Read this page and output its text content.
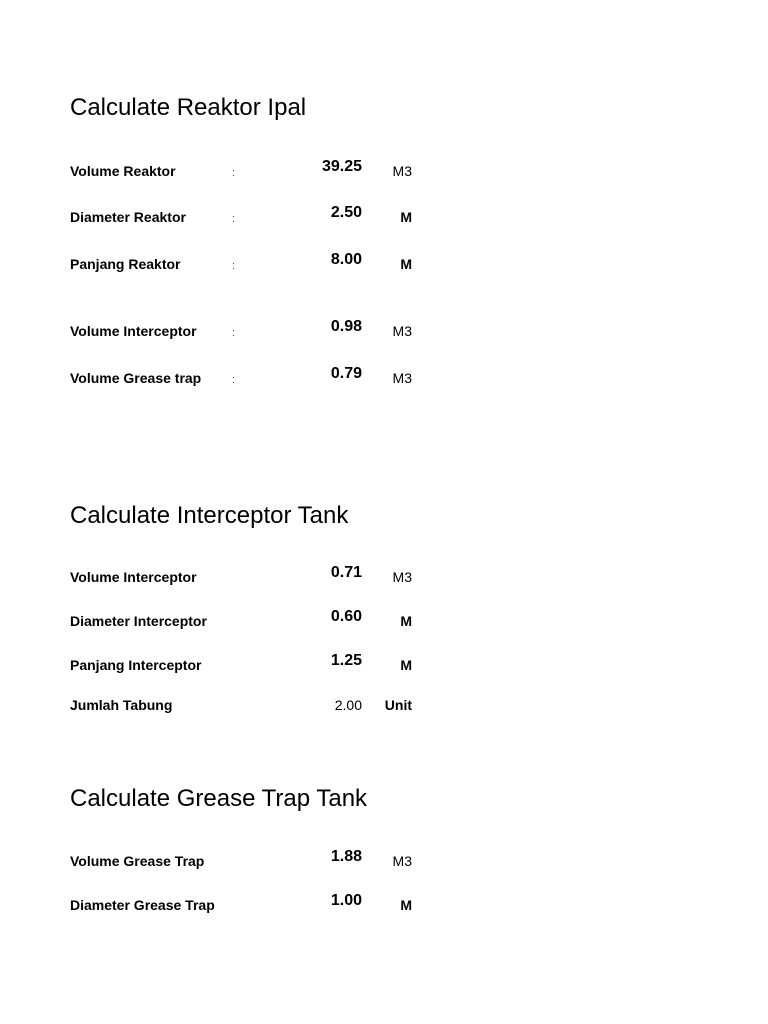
Calculate Reaktor Ipal
Volume Reaktor	:	39.25 M3
Diameter Reaktor	:	2.50	M
Panjang Reaktor	:	8.00	M
Volume Interceptor	:	0.98 M3
Volume Grease trap	:	0.79 M3
Calculate Interceptor Tank
Volume Interceptor	0.71 M3
Diameter Interceptor	0.60	M
Panjang Interceptor	1.25	M
Jumlah Tabung	2.00 Unit
Calculate Grease Trap Tank
Volume Grease Trap	1.88 M3
Diameter Grease Trap	1.00	M
